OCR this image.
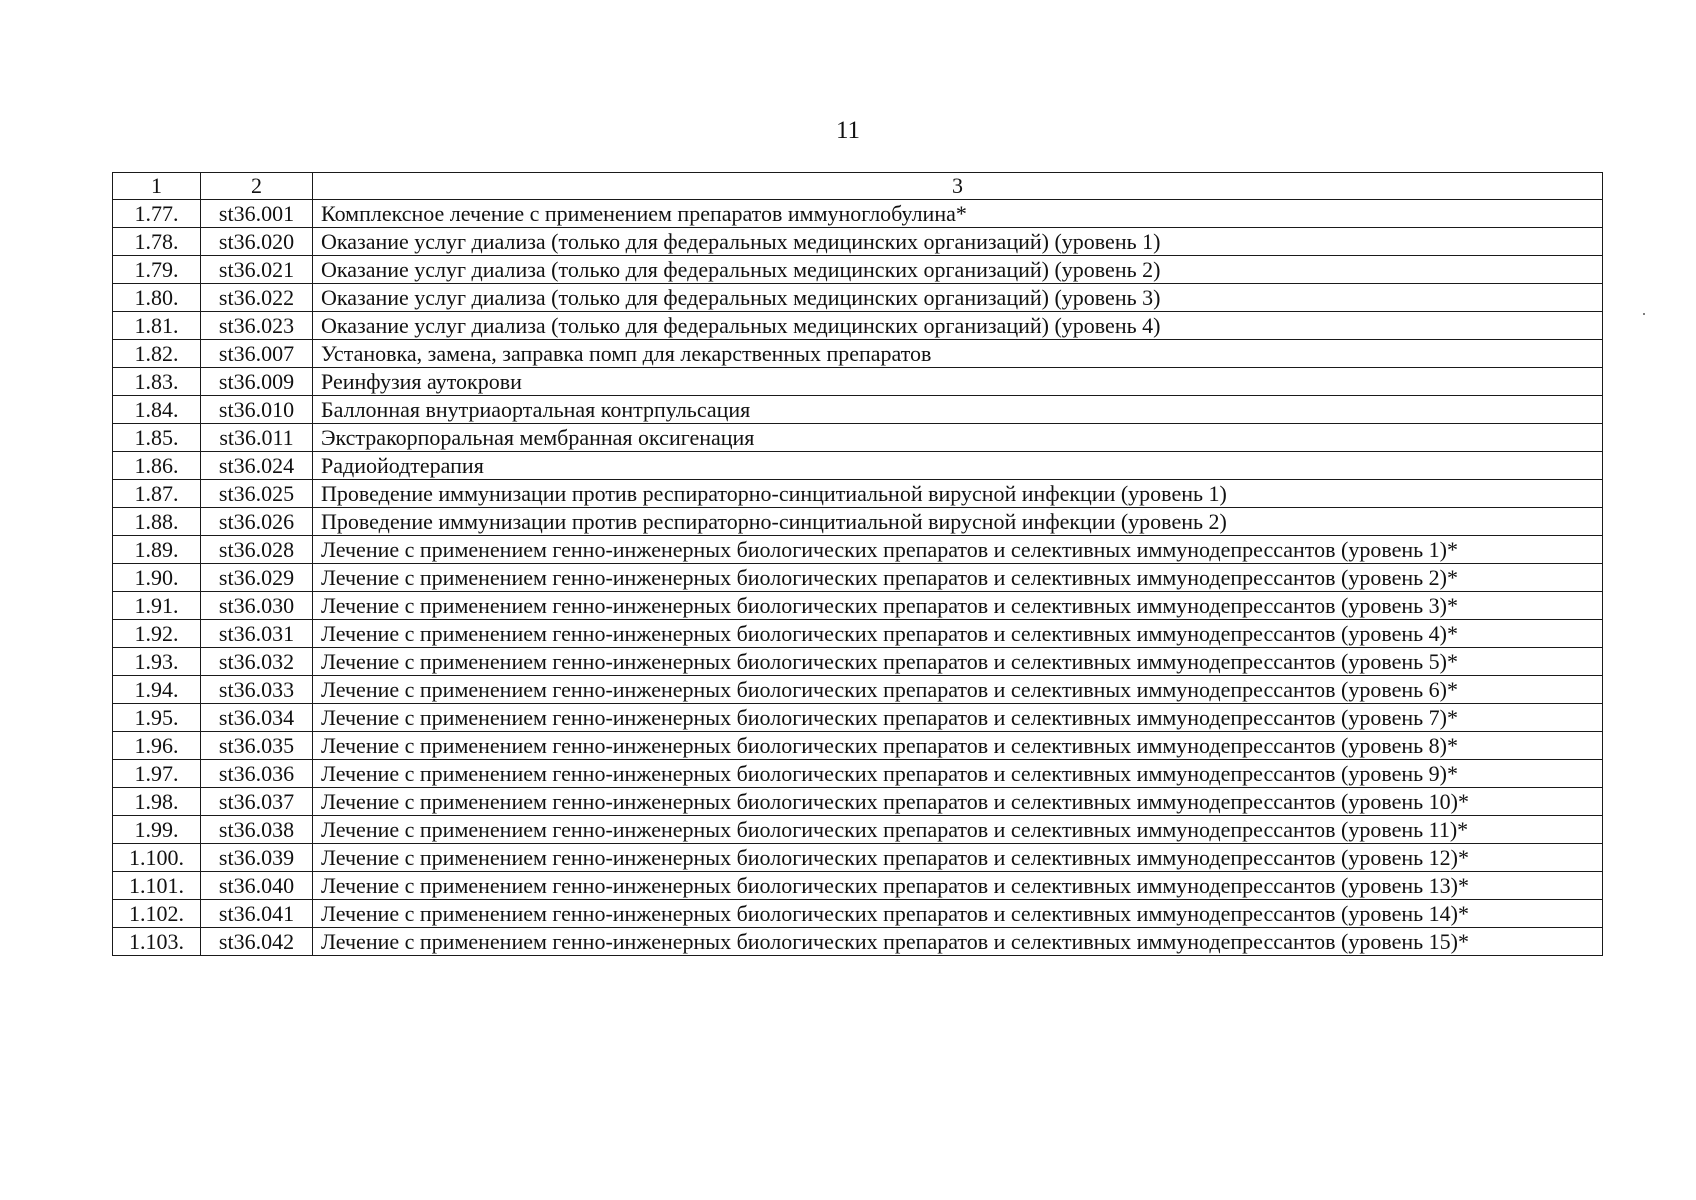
11
1	2	3
1.77.	st36.001	Комплексное лечение с применением препаратов иммуноглобулина*
1.78.	st36.020	Оказание услуг диализа (только для федеральных медицинских организаций) (уровень 1)
1.79.	st36.021	Оказание услуг диализа (только для федеральных медицинских организаций) (уровень 2)
1.80.	st36.022	Оказание услуг диализа (только для федеральных медицинских организаций) (уровень 3)
1.81.	st36.023	Оказание услуг диализа (только для федеральных медицинских организаций) (уровень 4)
1.82.	st36.007	Установка, замена, заправка помп для лекарственных препаратов
1.83.	st36.009	Реинфузия аутокрови
1.84.	st36.010	Баллонная внутриаортальная контрпульсация
1.85.	st36.011	Экстракорпоральная мембранная оксигенация
1.86.	st36.024	Радиойодтерапия
1.87.	st36.025	Проведение иммунизации против респираторно-синцитиальной вирусной инфекции (уровень 1)
1.88.	st36.026	Проведение иммунизации против респираторно-синцитиальной вирусной инфекции (уровень 2)
1.89.	st36.028	Лечение с применением генно-инженерных биологических препаратов и селективных иммунодепрессантов (уровень 1)*
1.90.	st36.029	Лечение с применением генно-инженерных биологических препаратов и селективных иммунодепрессантов (уровень 2)*
1.91.	st36.030	Лечение с применением генно-инженерных биологических препаратов и селективных иммунодепрессантов (уровень 3)*
1.92.	st36.031	Лечение с применением генно-инженерных биологических препаратов и селективных иммунодепрессантов (уровень 4)*
1.93.	st36.032	Лечение с применением генно-инженерных биологических препаратов и селективных иммунодепрессантов (уровень 5)*
1.94.	st36.033	Лечение с применением генно-инженерных биологических препаратов и селективных иммунодепрессантов (уровень 6)*
1.95.	st36.034	Лечение с применением генно-инженерных биологических препаратов и селективных иммунодепрессантов (уровень 7)*
1.96.	st36.035	Лечение с применением генно-инженерных биологических препаратов и селективных иммунодепрессантов (уровень 8)*
1.97.	st36.036	Лечение с применением генно-инженерных биологических препаратов и селективных иммунодепрессантов (уровень 9)*
1.98.	st36.037	Лечение с применением генно-инженерных биологических препаратов и селективных иммунодепрессантов (уровень 10)*
1.99.	st36.038	Лечение с применением генно-инженерных биологических препаратов и селективных иммунодепрессантов (уровень 11)*
1.100.	st36.039	Лечение с применением генно-инженерных биологических препаратов и селективных иммунодепрессантов (уровень 12)*
1.101.	st36.040	Лечение с применением генно-инженерных биологических препаратов и селективных иммунодепрессантов (уровень 13)*
1.102.	st36.041	Лечение с применением генно-инженерных биологических препаратов и селективных иммунодепрессантов (уровень 14)*
1.103.	st36.042	Лечение с применением генно-инженерных биологических препаратов и селективных иммунодепрессантов (уровень 15)*
